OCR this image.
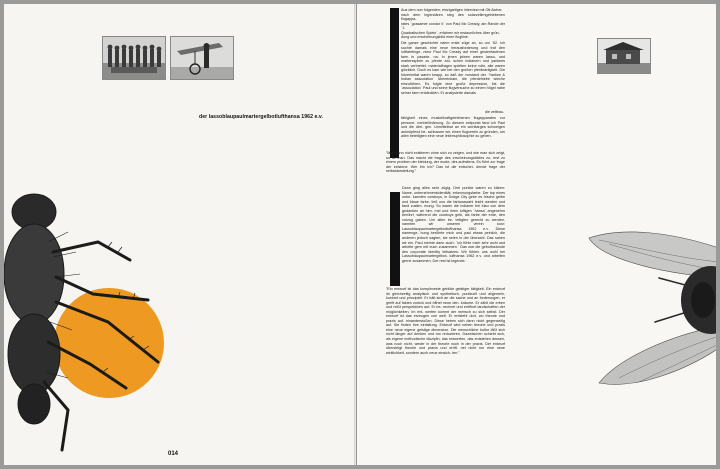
der lassoblaupaulmartergelbotlufthansa 1962 e.v.
014

Aus dem nun folgenden, einzigartigen interview mit Ott Aicher,

nach dem legendären sieg des solarzellengetriebenen flugappa-

rates `gossamer condor II` von Paul Mc Cready, am Rande der `1.

Quadratischen Spiele`, erfahren wir erstaunliches über grün-

dung und erscheinungsbild einer fluglinie.

Die ganze geschichte nahm erste züge an, so um `62. Ich suchte damals eine neue herausforderung und traf den luftfahrtinge- nieur Paul Mc Cready auf einer gestenfasienen farm in pasade- na. In jenen jahren waren lasso- und martersspiele zu pferde zwi- schen indianern und yankees stark verbreitet, materialfragen spielten keine rolle, alle waren glücklich. Doch es kam wie bei den großen pferdeartigkeit. Die fotzerimitat waren knapp, so daß der vorstand der `Yankee & Indian association` übereinkam, die pferdehiebe wieche einzuführen. Es folgte eine große depression, bis die `association` Paul und seine flugversuche zu einem högel nahe seiner farm entdeckten. Er analysierte damals

die zeitbau-

fähigkeit eines muskelkraftgetriebenen flugapparates zur persone- nenbeförderung. Zu diesem zeitpunkt fand ich Paul und die übri- gen. Unmittelbar an ein wortkarges schweigen anknüpfend be- schlossen wir, einen flugverein zu gründen, um allen beteiligten eine neue lebensphilosophie zu geben.

"Man kann nicht existieren ohne sich zu zeigen, und wie man sich zeigt, so ist man. Das macht die frage des erscheinungsbildes zu- erst zu einem problem der kleidung, der mode, des aufmitens. Es führt zur frage der existenz: Wer bin ich? Das ist die entschei- dende frage der selbstdarstellung."

Dann ging alles sehr zügig. Drei punkte waren zu klären: Name, unternehmensidentität, erkennungsfarbe. Der top eines unbe- kannten cowboys, in Dodge City gebe es frische gelbe und blaue farbe, ließ uns die farbauswahl leicht werden und fand zustim- mung. So waren die indianer bei blau von dem gedanken an him- mel und ihren luftigen `hansa` angenehm berührt, während die cowboys gelb, als farbe der erde, den vorzug gaben. Um allen be- teiligten gerecht zu werden, nannten wir unseren verein kurz: Lassoblaupaulmartergelbotlufthansa 1962 e.v. Diese namenge- bung berührte mich und paul etwas peinlich, die anderen jedoch sagten, sie seien in der überzahl. Das sahen wir ein. Paul meinte dann auch: `Ich fühle mich sehr wohl und arbeite gern mit euch zusammen.` Das war die geburtsstunde des corporate identity leitsatzes: Wir fühlen uns wohl bei Lassoblaupaulmartergelbot- lufthansa 1962 e.v. und arbeiten gerne zusammen. Der rest ist legende.

"Ein entwurf ist das komplexeste gebilde geistiger tätigkeit. Ein entwurf ist gleichzeitig analytisch und synthetisch, punktuell und allgemein, konkret und prinzipiell. Er hält sich an die sache und an forderungen, er greift auf fakten zurück und öffnet neue den- kräume. Er zählt die erben und reißt perspektiven auf. Er be- rechnet und eröffnet landschaften der möglichkeiten. Im ent- werfen kommt der mensch zu sich selbst. Der entwurf ist das erzeugen von welt. Er entsteht dort, wo theorie und praxis auf- einanderstoßen. Diese heben sich dann nicht gegenseitig auf. Sie finden ihre einfaltung. Entwurf wird neben theorie und praxis eine neue eigene geistige dimension. Die menschliche kultur läßt sich nicht länger auf denken und tun reduzieren. Dazwischen schiebt sich, als eigene methodische disziplin, das entwerfen, das entstehen dessen, was noch nicht, weder in der theorie noch in der praxis. Der entwurf übersteigt theorie und praxis und eröff- net nicht nur eine neue wirklichkeit, sondern auch neue einsich- ten."
